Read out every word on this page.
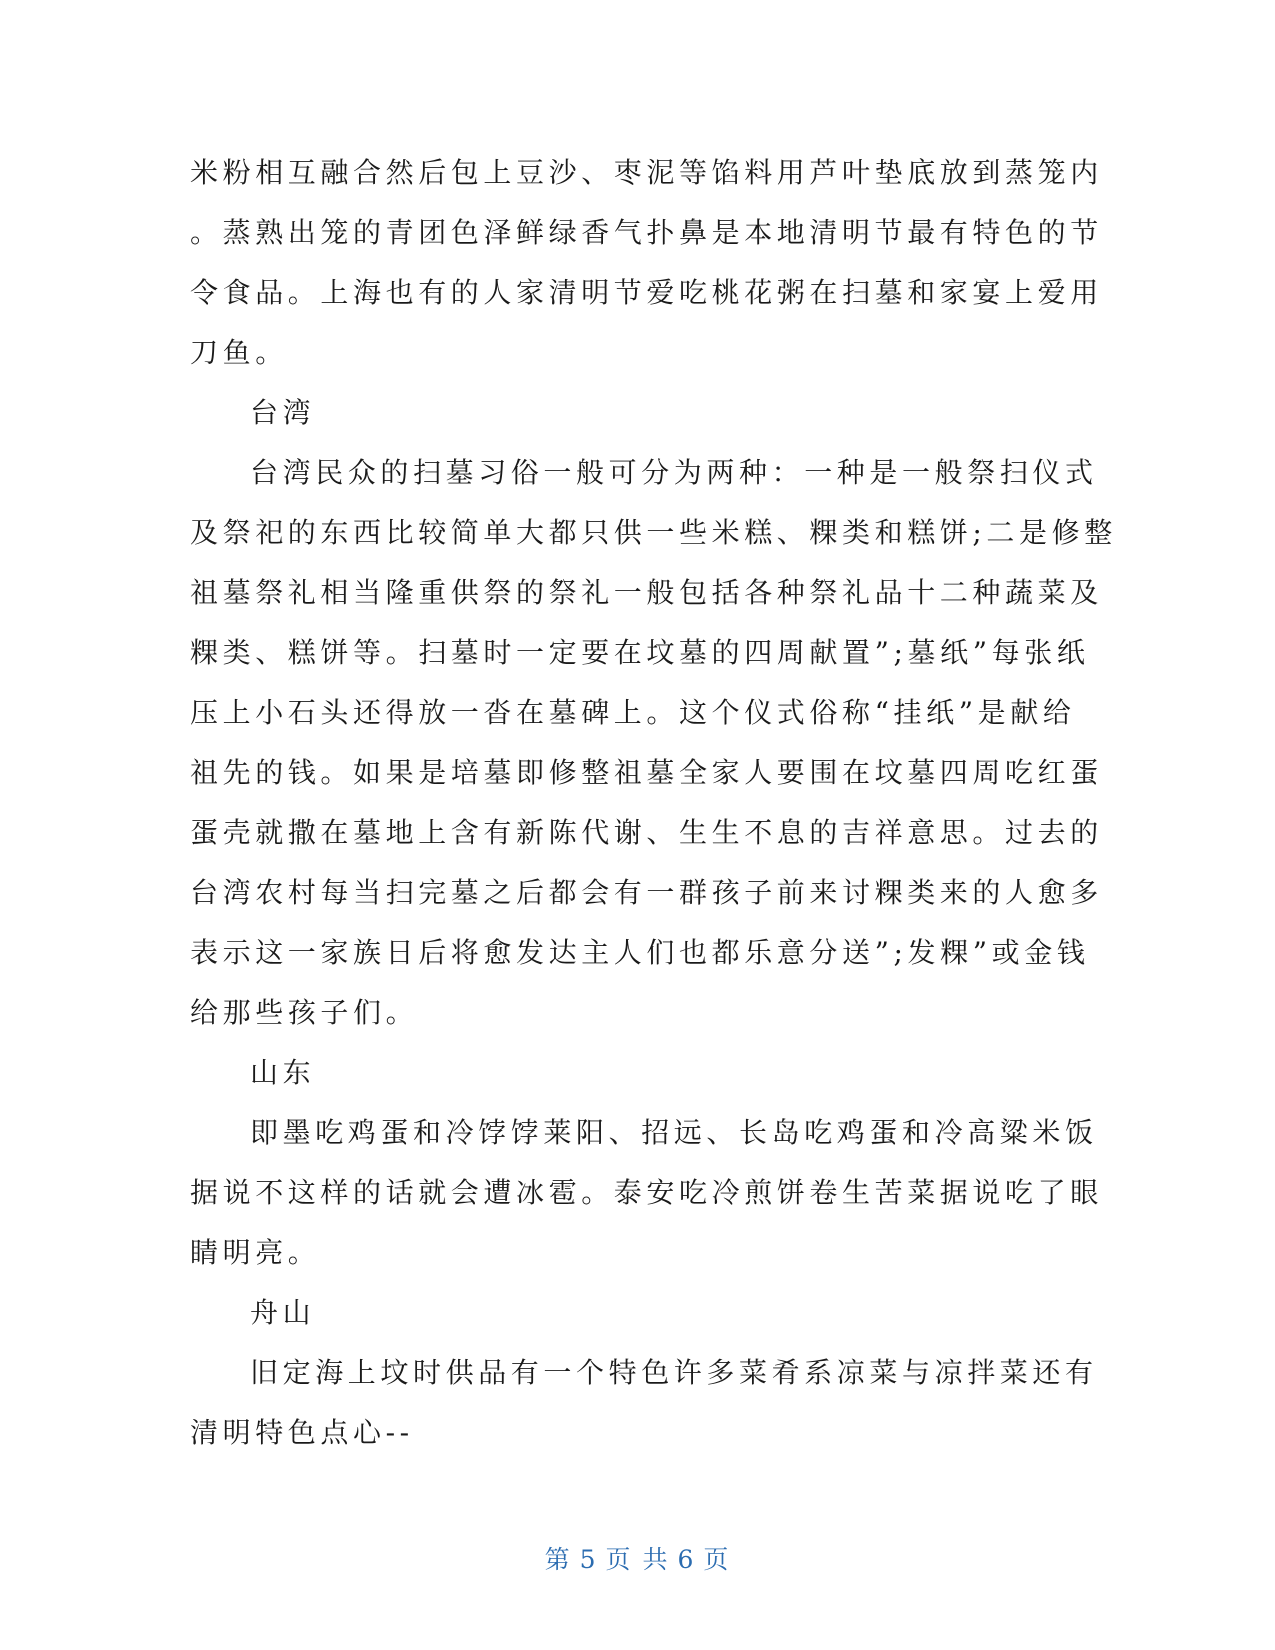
米粉相互融合然后包上豆沙、枣泥等馅料用芦叶垫底放到蒸笼内
。蒸熟出笼的青团色泽鲜绿香气扑鼻是本地清明节最有特色的节
令食品。上海也有的人家清明节爱吃桃花粥在扫墓和家宴上爱用
刀鱼。
台湾
台湾民众的扫墓习俗一般可分为两种：一种是一般祭扫仪式
及祭祀的东西比较简单大都只供一些米糕、粿类和糕饼;二是修整
祖墓祭礼相当隆重供祭的祭礼一般包括各种祭礼品十二种蔬菜及
粿类、糕饼等。扫墓时一定要在坟墓的四周献置”;墓纸”每张纸
压上小石头还得放一沓在墓碑上。这个仪式俗称“挂纸”是献给
祖先的钱。如果是培墓即修整祖墓全家人要围在坟墓四周吃红蛋
蛋壳就撒在墓地上含有新陈代谢、生生不息的吉祥意思。过去的
台湾农村每当扫完墓之后都会有一群孩子前来讨粿类来的人愈多
表示这一家族日后将愈发达主人们也都乐意分送”;发粿”或金钱
给那些孩子们。
山东
即墨吃鸡蛋和冷饽饽莱阳、招远、长岛吃鸡蛋和冷高粱米饭
据说不这样的话就会遭冰雹。泰安吃冷煎饼卷生苦菜据说吃了眼
睛明亮。
舟山
旧定海上坟时供品有一个特色许多菜肴系凉菜与凉拌菜还有
清明特色点心--
第 5 页 共 6 页
